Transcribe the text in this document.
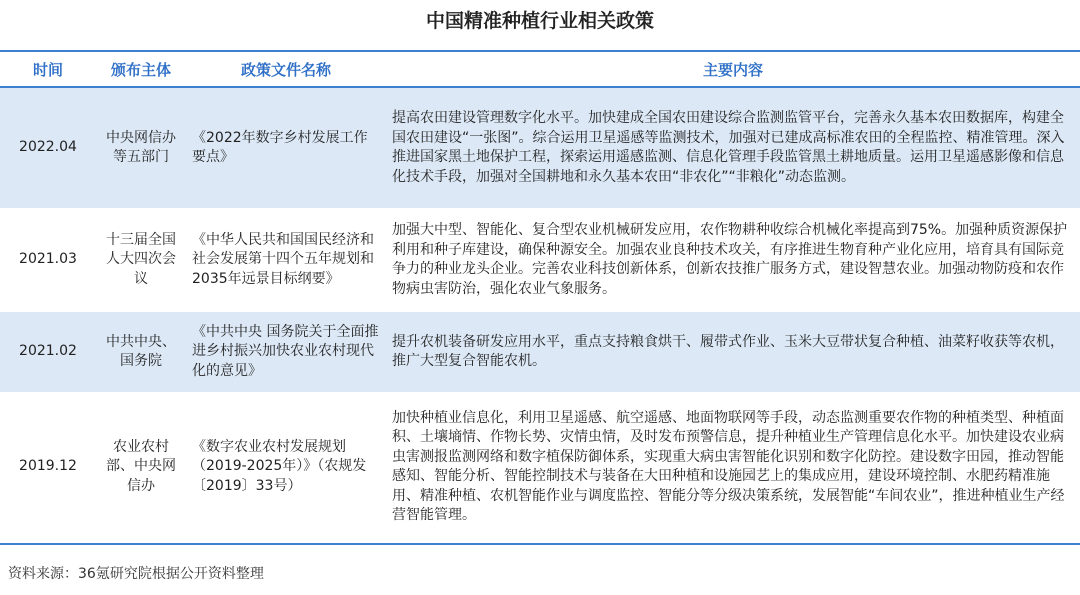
中国精准种植行业相关政策
时间	颁布主体	政策文件名称	主要内容
2022.04	中央网信办等五部门	《2022年数字乡村发展工作要点》	提高农田建设管理数字化水平。加快建成全国农田建设综合监测监管平台，完善永久基本农田数据库，构建全国农田建设“一张图”。综合运用卫星遥感等监测技术，加强对已建成高标准农田的全程监控、精准管理。深入推进国家黑土地保护工程，探索运用遥感监测、信息化管理手段监管黑土耕地质量。运用卫星遥感影像和信息化技术手段，加强对全国耕地和永久基本农田“非农化”“非粮化”动态监测。
2021.03	十三届全国人大四次会议	《中华人民共和国国民经济和社会发展第十四个五年规划和2035年远景目标纲要》	加强大中型、智能化、复合型农业机械研发应用，农作物耕种收综合机械化率提高到75%。加强种质资源保护利用和种子库建设，确保种源安全。加强农业良种技术攻关，有序推进生物育种产业化应用，培育具有国际竞争力的种业龙头企业。完善农业科技创新体系，创新农技推广服务方式，建设智慧农业。加强动物防疫和农作物病虫害防治，强化农业气象服务。
2021.02	中共中央、国务院	《中共中央 国务院关于全面推进乡村振兴加快农业农村现代化的意见》	提升农机装备研发应用水平，重点支持粮食烘干、履带式作业、玉米大豆带状复合种植、油菜籽收获等农机，推广大型复合智能农机。
2019.12	农业农村部、中央网信办	《数字农业农村发展规划（2019-2025年）》（农规发〔2019〕33号）	加快种植业信息化，利用卫星遥感、航空遥感、地面物联网等手段，动态监测重要农作物的种植类型、种植面积、土壤墒情、作物长势、灾情虫情，及时发布预警信息，提升种植业生产管理信息化水平。加快建设农业病虫害测报监测网络和数字植保防御体系，实现重大病虫害智能化识别和数字化防控。建设数字田园，推动智能感知、智能分析、智能控制技术与装备在大田种植和设施园艺上的集成应用，建设环境控制、水肥药精准施用、精准种植、农机智能作业与调度监控、智能分等分级决策系统，发展智能“车间农业”，推进种植业生产经营智能管理。
资料来源：36氪研究院根据公开资料整理
